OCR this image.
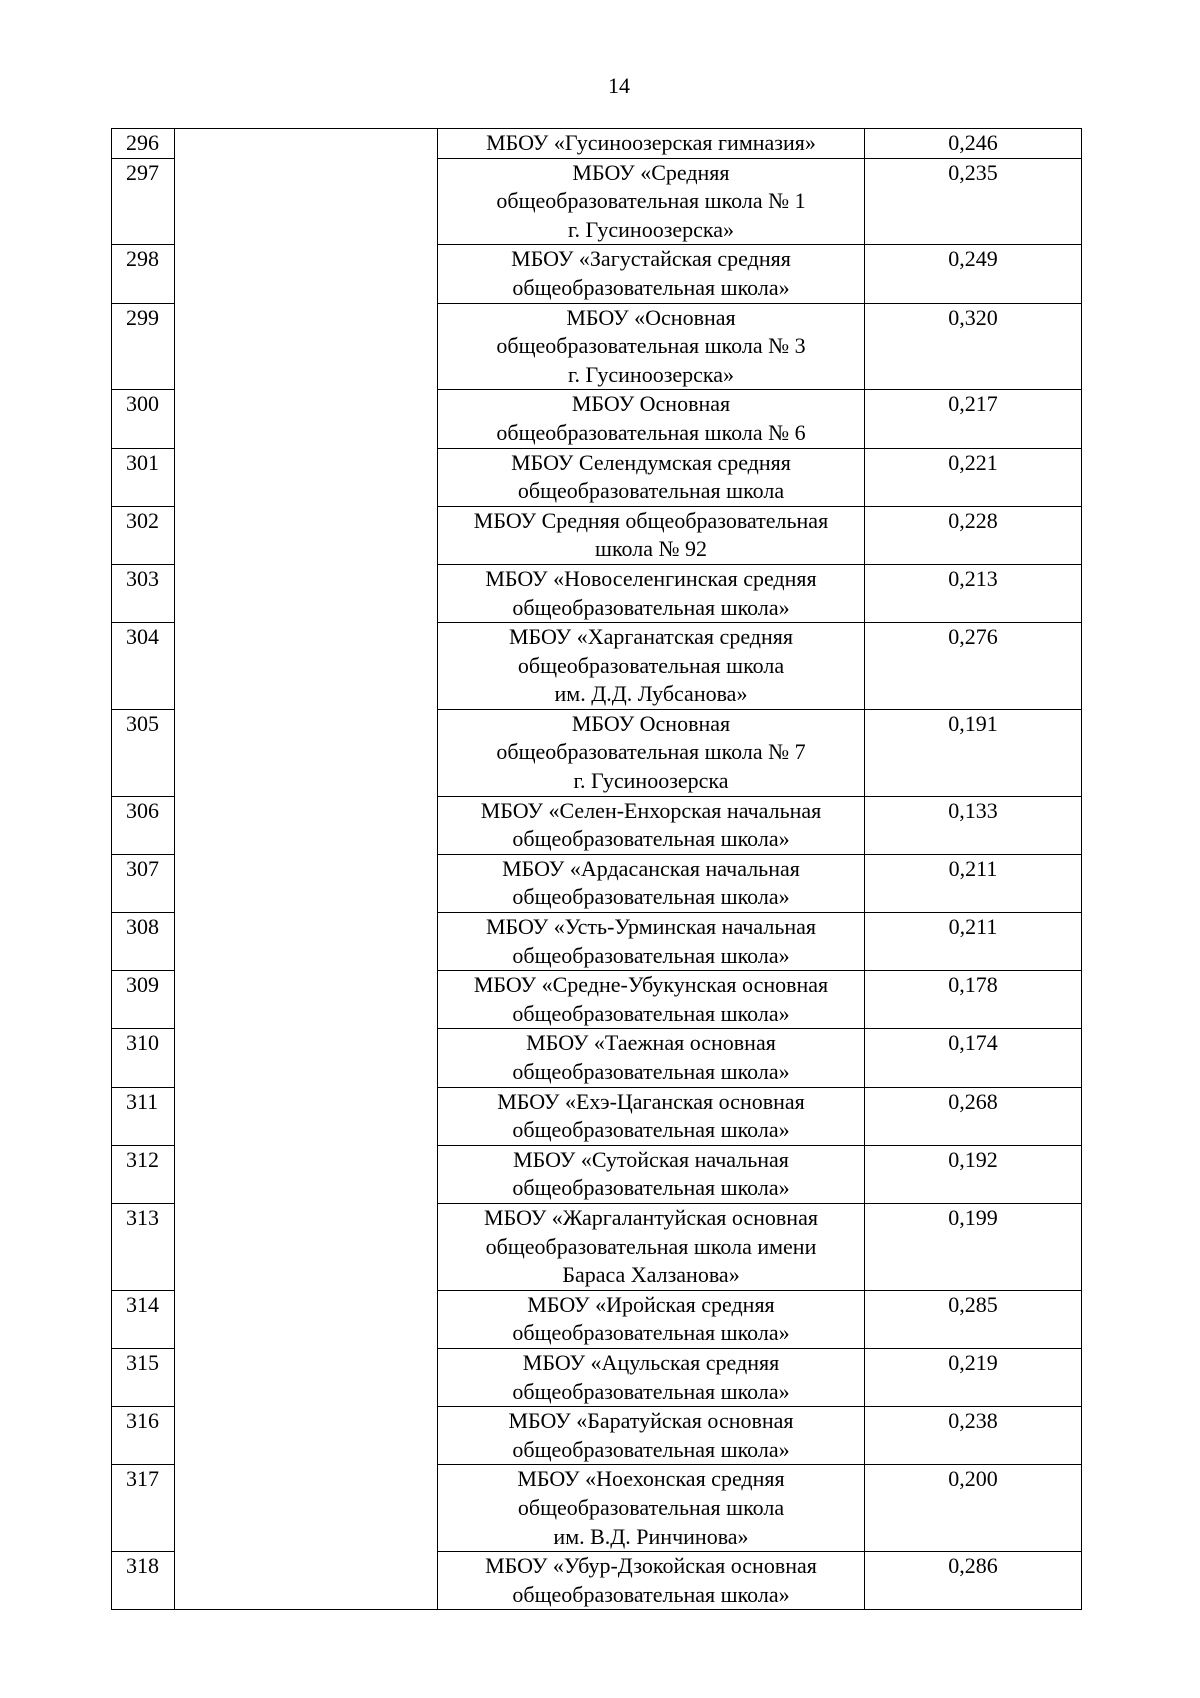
14
296		МБОУ «Гусиноозерская гимназия»	0,246
297		МБОУ «Средняя
общеобразовательная школа № 1
г. Гусиноозерска»	0,235
298		МБОУ «Загустайская средняя
общеобразовательная школа»	0,249
299		МБОУ «Основная
общеобразовательная школа № 3
г. Гусиноозерска»	0,320
300		МБОУ Основная
общеобразовательная школа № 6	0,217
301		МБОУ Селендумская средняя
общеобразовательная школа	0,221
302		МБОУ Средняя общеобразовательная
школа № 92	0,228
303		МБОУ «Новоселенгинская средняя
общеобразовательная школа»	0,213
304		МБОУ «Харганатская средняя
общеобразовательная школа
им. Д.Д. Лубсанова»	0,276
305		МБОУ Основная
общеобразовательная школа № 7
г. Гусиноозерска	0,191
306		МБОУ «Селен-Енхорская начальная
общеобразовательная школа»	0,133
307		МБОУ «Ардасанская начальная
общеобразовательная школа»	0,211
308		МБОУ «Усть-Урминская начальная
общеобразовательная школа»	0,211
309		МБОУ «Средне-Убукунская основная
общеобразовательная школа»	0,178
310		МБОУ «Таежная основная
общеобразовательная школа»	0,174
311		МБОУ «Ехэ-Цаганская основная
общеобразовательная школа»	0,268
312		МБОУ «Сутойская начальная
общеобразовательная школа»	0,192
313		МБОУ «Жаргалантуйская основная
общеобразовательная школа имени
Бараса Халзанова»	0,199
314		МБОУ «Иройская средняя
общеобразовательная школа»	0,285
315		МБОУ «Ацульская средняя
общеобразовательная школа»	0,219
316		МБОУ «Баратуйская основная
общеобразовательная школа»	0,238
317		МБОУ «Ноехонская средняя
общеобразовательная школа
им. В.Д. Ринчинова»	0,200
318		МБОУ «Убур-Дзокойская основная
общеобразовательная школа»	0,286
